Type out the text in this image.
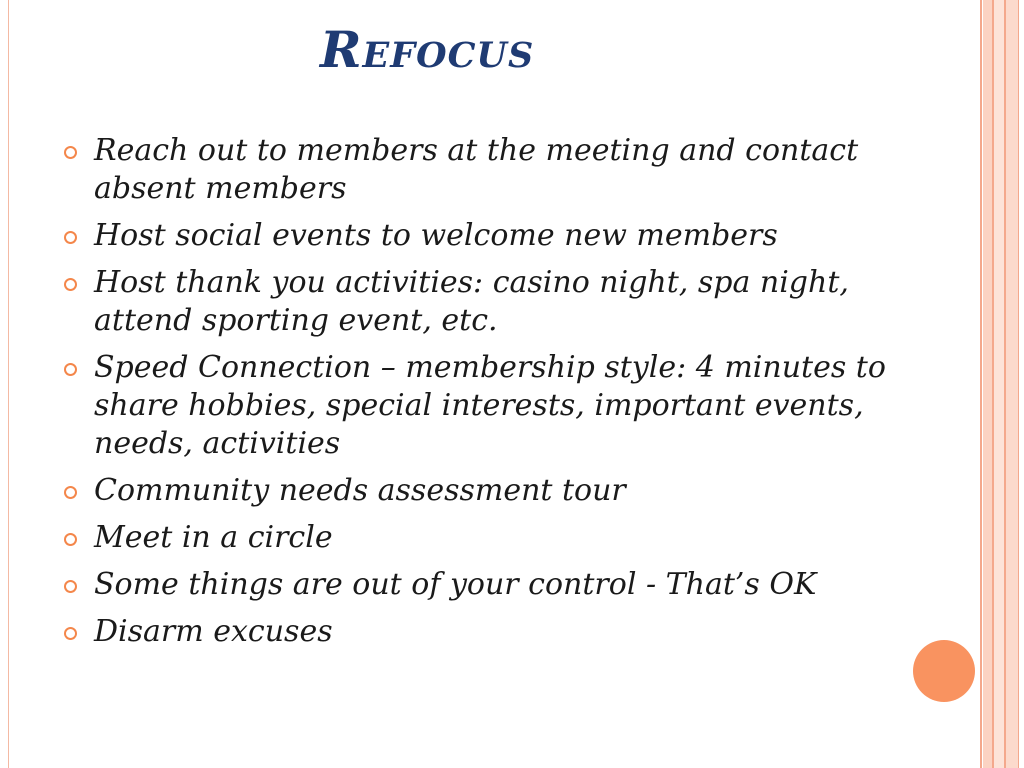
Refocus
Reach out to members at the meeting and contact absent members
Host social events to welcome new members
Host thank you activities: casino night, spa night, attend sporting event, etc.
Speed Connection – membership style: 4 minutes to share hobbies, special interests, important events, needs, activities
Community needs assessment tour
Meet in a circle
Some things are out of your control - That’s OK
Disarm excuses
